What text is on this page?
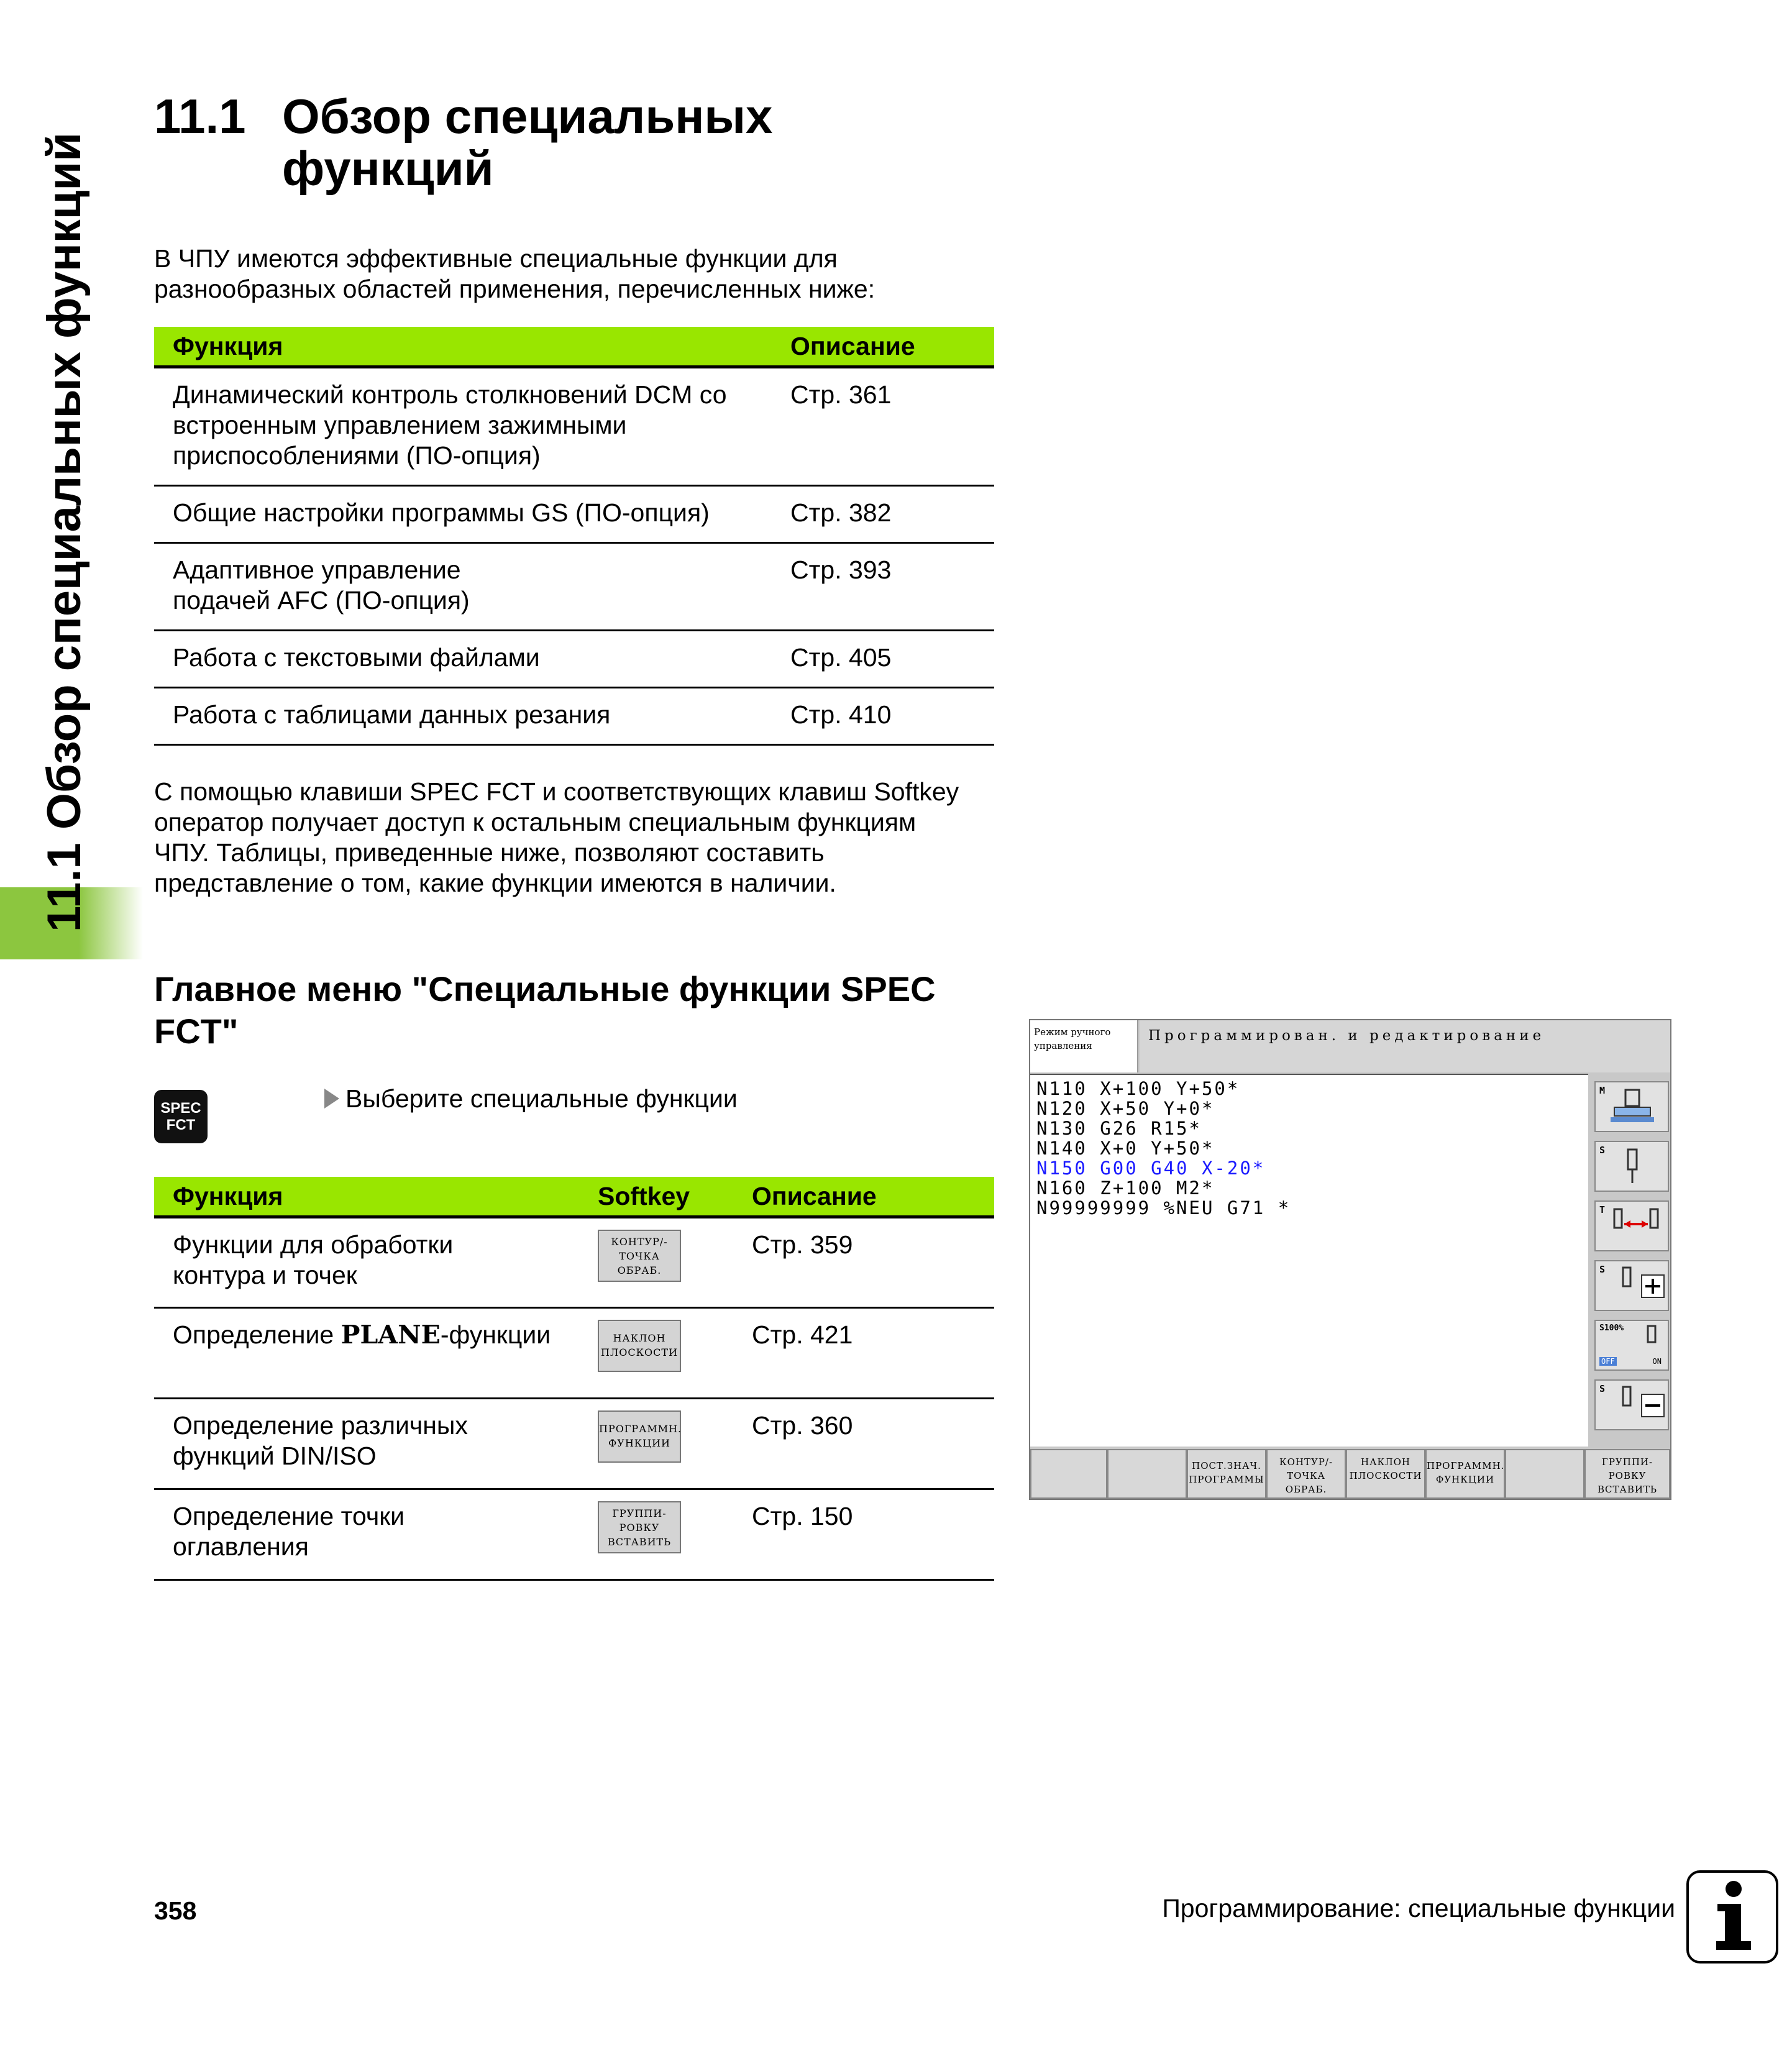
11.1 Обзор специальных функций
11.1 Обзор специальных функций
В ЧПУ имеются эффективные специальные функции для разнообразных областей применения, перечисленных ниже:
Функция	Описание
Динамический контроль столкновений DCM со встроенным управлением зажимными приспособлениями (ПО-опция)	Стр. 361
Общие настройки программы GS (ПО-опция)	Стр. 382
Адаптивное управление подачей AFC (ПО-опция)	Стр. 393
Работа с текстовыми файлами	Стр. 405
Работа с таблицами данных резания	Стр. 410
С помощью клавиши SPEC FCT и соответствующих клавиш Softkey оператор получает доступ к остальным специальным функциям ЧПУ. Таблицы, приведенные ниже, позволяют составить представление о том, какие функции имеются в наличии.
Главное меню "Специальные функции SPEC FCT"
SPEC
FCT
Выберите специальные функции
Функция	Softkey	Описание
Функции для обработки контура и точек	КОНТУР/-
ТОЧКА
ОБРАБ.	Стр. 359
Определение PLANE-функции	НАКЛОН
ПЛОСКОСТИ	Стр. 421
Определение различных функций DIN/ISO	ПРОГРАММН.
ФУНКЦИИ	Стр. 360
Определение точки оглавления	ГРУППИ-
РОВКУ
ВСТАВИТЬ	Стр. 150
Режим ручного управления
Программирован. и редактирование
N110 X+100 Y+50*
N120 X+50 Y+0*
N130 G26 R15*
N140 X+0 Y+50*
N150 G00 G40 X-20*
N160 Z+100 M2*
N99999999 %NEU G71 *
M
S
T
S
S100%
OFF	ON
S
ПОСТ.ЗНАЧ.
ПРОГРАММЫ
КОНТУР/-
ТОЧКА
ОБРАБ.
НАКЛОН
ПЛОСКОСТИ
ПРОГРАММН.
ФУНКЦИИ
ГРУППИ-
РОВКУ
ВСТАВИТЬ
358	Программирование: специальные функции
